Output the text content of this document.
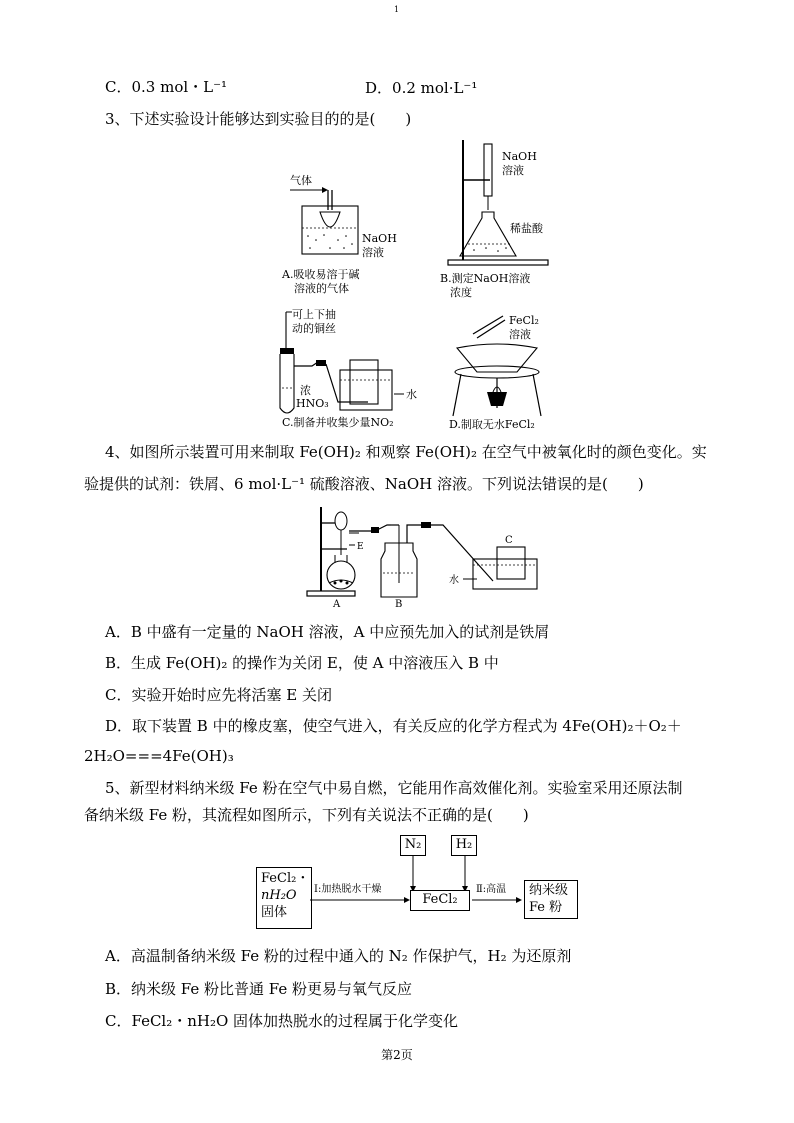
1
C．0.3 mol・L⁻¹	D．0.2 mol·L⁻¹
3、下述实验设计能够达到实验目的的是(　　)
气体
NaOH
溶液
A.吸收易溶于碱
溶液的气体
NaOH
溶液
稀盐酸
B.测定NaOH溶液
浓度
可上下抽
动的铜丝
浓
HNO₃
水
C.制备并收集少量NO₂
FeCl₂
溶液
D.制取无水FeCl₂
4、如图所示装置可用来制取 Fe(OH)₂ 和观察 Fe(OH)₂ 在空气中被氧化时的颜色变化。实
验提供的试剂：铁屑、6 mol·L⁻¹ 硫酸溶液、NaOH 溶液。下列说法错误的是(　　)
E
A	B
C
水
A．B 中盛有一定量的 NaOH 溶液，A 中应预先加入的试剂是铁屑
B．生成 Fe(OH)₂ 的操作为关闭 E，使 A 中溶液压入 B 中
C．实验开始时应先将活塞 E 关闭
D．取下装置 B 中的橡皮塞，使空气进入，有关反应的化学方程式为 4Fe(OH)₂＋O₂＋
2H₂O===4Fe(OH)₃
5、新型材料纳米级 Fe 粉在空气中易自燃，它能用作高效催化剂。实验室采用还原法制
备纳米级 Fe 粉，其流程如图所示，下列有关说法不正确的是(　　)
FeCl₂・
nH₂O
固体
Ⅰ:加热脱水干燥
FeCl₂
N₂	H₂
Ⅱ:高温 纳米级
Fe 粉
A．高温制备纳米级 Fe 粉的过程中通入的 N₂ 作保护气，H₂ 为还原剂
B．纳米级 Fe 粉比普通 Fe 粉更易与氧气反应
C．FeCl₂・nH₂O 固体加热脱水的过程属于化学变化
第2页
